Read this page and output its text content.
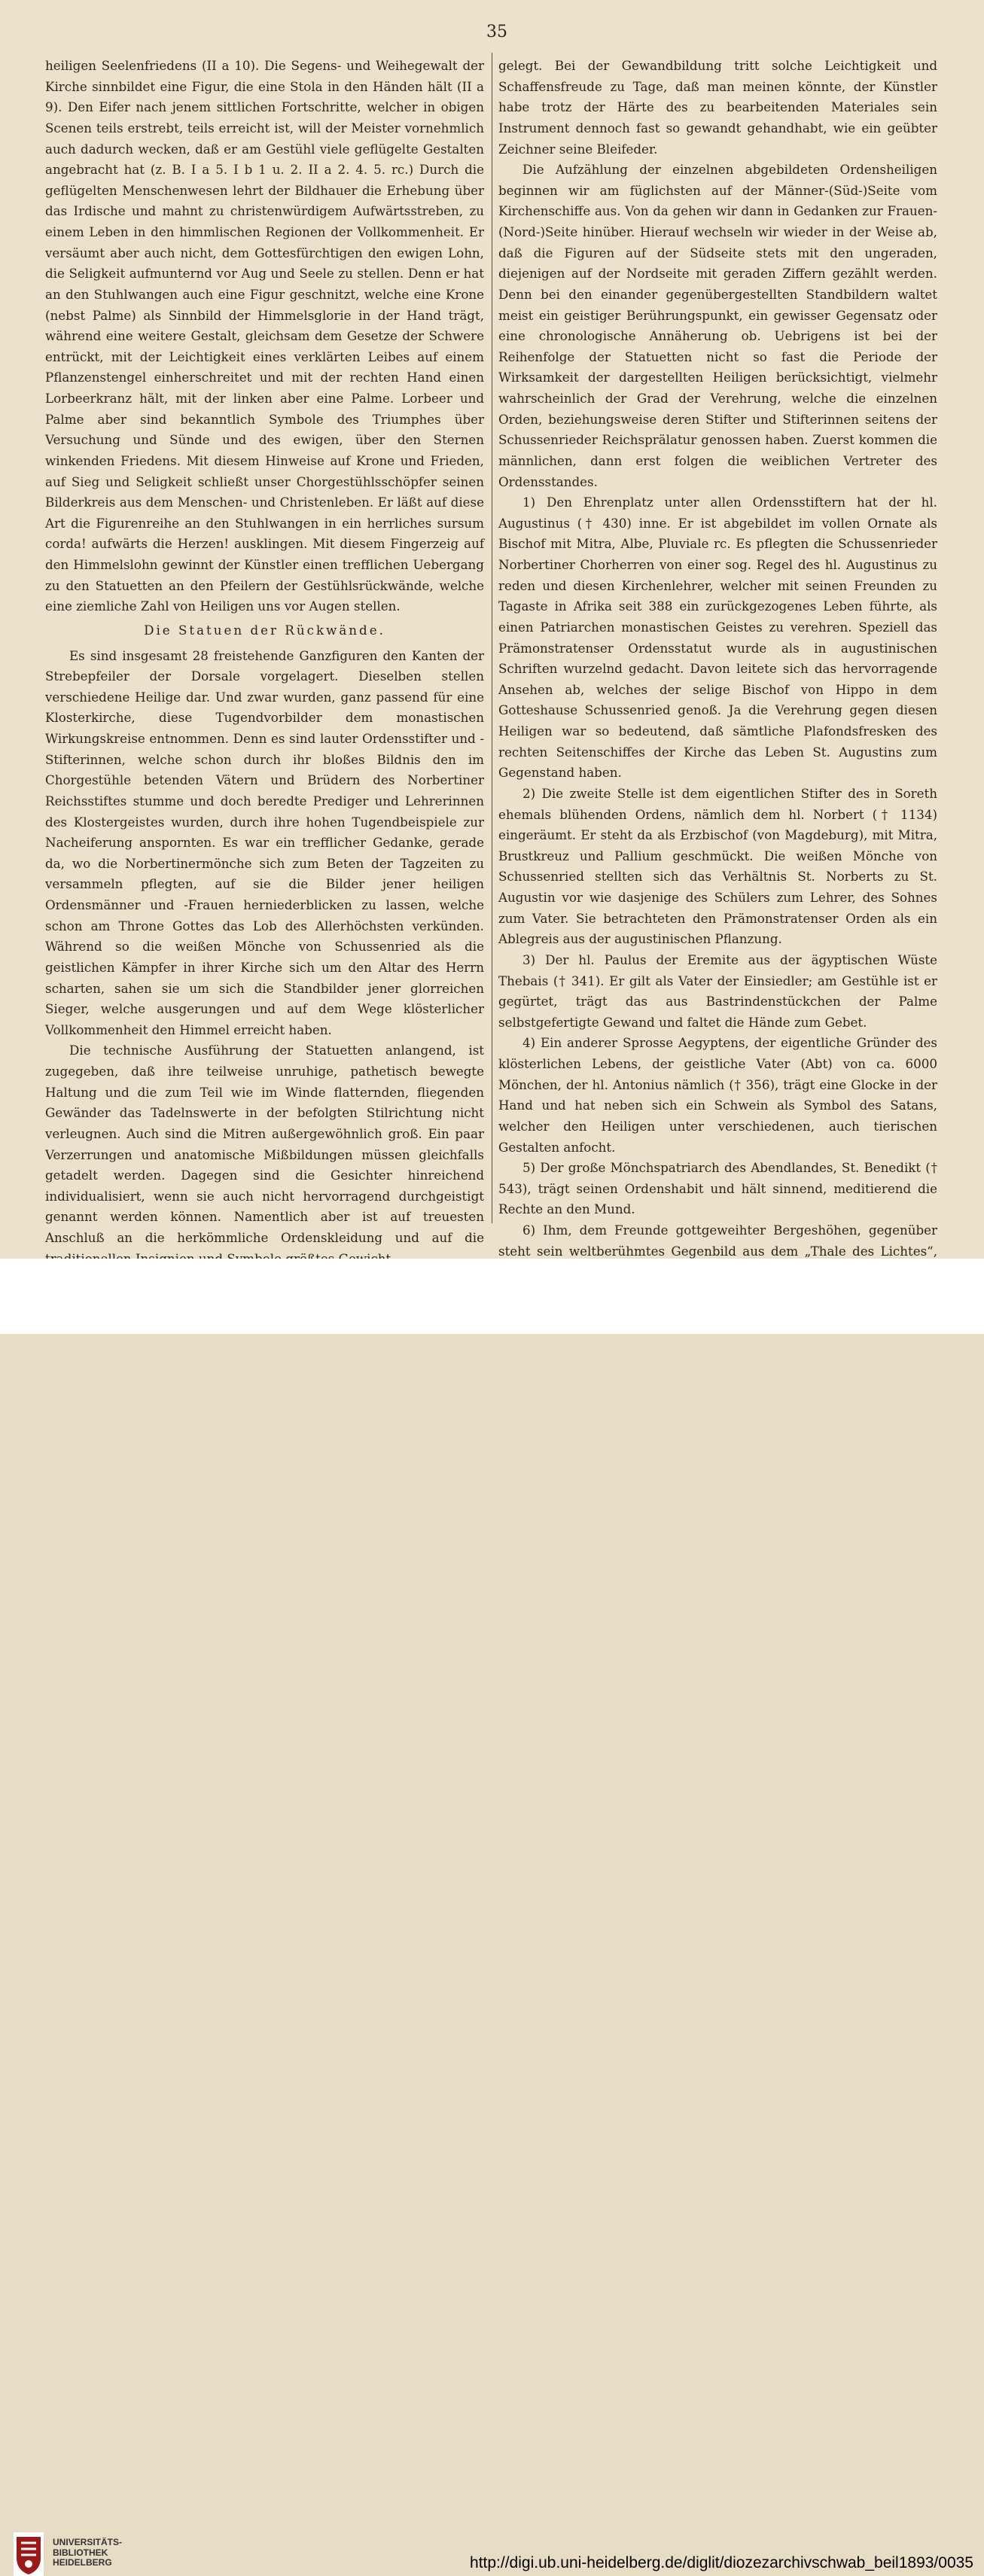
35

heiligen Seelenfriedens (II a 10). Die Segens- und Weihegewalt der Kirche sinnbildet eine Figur, die eine Stola in den Händen hält (II a 9). Den Eifer nach jenem sittlichen Fortschritte, welcher in obigen Scenen teils erstrebt, teils erreicht ist, will der Meister vornehmlich auch dadurch wecken, daß er am Gestühl viele geflügelte Gestalten angebracht hat (z. B. I a 5. I b 1 u. 2. II a 2. 4. 5. rc.) Durch die geflügelten Menschenwesen lehrt der Bildhauer die Erhebung über das Irdische und mahnt zu christenwürdigem Aufwärtsstreben, zu einem Leben in den himmlischen Regionen der Vollkommenheit. Er versäumt aber auch nicht, dem Gottesfürchtigen den ewigen Lohn, die Seligkeit aufmunternd vor Aug und Seele zu stellen. Denn er hat an den Stuhlwangen auch eine Figur geschnitzt, welche eine Krone (nebst Palme) als Sinnbild der Himmelsglorie in der Hand trägt, während eine weitere Gestalt, gleichsam dem Gesetze der Schwere entrückt, mit der Leichtigkeit eines verklärten Leibes auf einem Pflanzenstengel einherschreitet und mit der rechten Hand einen Lorbeerkranz hält, mit der linken aber eine Palme. Lorbeer und Palme aber sind bekanntlich Symbole des Triumphes über Versuchung und Sünde und des ewigen, über den Sternen winkenden Friedens. Mit diesem Hinweise auf Krone und Frieden, auf Sieg und Seligkeit schließt unser Chorgestühlsschöpfer seinen Bilderkreis aus dem Menschen- und Christenleben. Er läßt auf diese Art die Figurenreihe an den Stuhlwangen in ein herrliches sursum corda! aufwärts die Herzen! ausklingen. Mit diesem Fingerzeig auf den Himmelslohn gewinnt der Künstler einen trefflichen Uebergang zu den Statuetten an den Pfeilern der Gestühlsrückwände, welche eine ziemliche Zahl von Heiligen uns vor Augen stellen.

Die Statuen der Rückwände.

Es sind insgesamt 28 freistehende Ganzfiguren den Kanten der Strebepfeiler der Dorsale vorgelagert. Dieselben stellen verschiedene Heilige dar. Und zwar wurden, ganz passend für eine Klosterkirche, diese Tugendvorbilder dem monastischen Wirkungskreise entnommen. Denn es sind lauter Ordensstifter und -Stifterinnen, welche schon durch ihr bloßes Bildnis den im Chorgestühle betenden Vätern und Brüdern des Norbertiner Reichsstiftes stumme und doch beredte Prediger und Lehrerinnen des Klostergeistes wurden, durch ihre hohen Tugendbeispiele zur Nacheiferung anspornten. Es war ein trefflicher Gedanke, gerade da, wo die Norbertinermönche sich zum Beten der Tagzeiten zu versammeln pflegten, auf sie die Bilder jener heiligen Ordensmänner und -Frauen herniederblicken zu lassen, welche schon am Throne Gottes das Lob des Allerhöchsten verkünden. Während so die weißen Mönche von Schussenried als die geistlichen Kämpfer in ihrer Kirche sich um den Altar des Herrn scharten, sahen sie um sich die Standbilder jener glorreichen Sieger, welche ausgerungen und auf dem Wege klösterlicher Vollkommenheit den Himmel erreicht haben.

Die technische Ausführung der Statuetten anlangend, ist zugegeben, daß ihre teilweise unruhige, pathetisch bewegte Haltung und die zum Teil wie im Winde flatternden, fliegenden Gewänder das Tadelnswerte in der befolgten Stilrichtung nicht verleugnen. Auch sind die Mitren außergewöhnlich groß. Ein paar Verzerrungen und anatomische Mißbildungen müssen gleichfalls getadelt werden. Dagegen sind die Gesichter hinreichend individualisiert, wenn sie auch nicht hervorragend durchgeistigt genannt werden können. Namentlich aber ist auf treuesten Anschluß an die herkömmliche Ordenskleidung und auf die

gelegt. Bei der Gewandbildung tritt solche Leichtigkeit und Schaffensfreude zu Tage, daß man meinen könnte, der Künstler habe trotz der Härte des zu bearbeitenden Materiales sein Instrument dennoch fast so gewandt gehandhabt, wie ein geübter Zeichner seine Bleifeder.

Die Aufzählung der einzelnen abgebildeten Ordensheiligen beginnen wir am füglichsten auf der Männer-(Süd-)Seite vom Kirchenschiffe aus. Von da gehen wir dann in Gedanken zur Frauen-(Nord-)Seite hinüber. Hierauf wechseln wir wieder in der Weise ab, daß die Figuren auf der Südseite stets mit den ungeraden, diejenigen auf der Nordseite mit geraden Ziffern gezählt werden. Denn bei den einander gegenübergestellten Standbildern waltet meist ein geistiger Berührungspunkt, ein gewisser Gegensatz oder eine chronologische Annäherung ob. Uebrigens ist bei der Reihenfolge der Statuetten nicht so fast die Periode der Wirksamkeit der dargestellten Heiligen berücksichtigt, vielmehr wahrscheinlich der Grad der Verehrung, welche die einzelnen Orden, beziehungsweise deren Stifter und Stifterinnen seitens der Schussenrieder Reichsprälatur genossen haben. Zuerst kommen die männlichen, dann erst folgen die weiblichen Vertreter des Ordensstandes.

1) Den Ehrenplatz unter allen Ordensstiftern hat der hl. Augustinus († 430) inne. Er ist abgebildet im vollen Ornate als Bischof mit Mitra, Albe, Pluviale rc. Es pflegten die Schussenrieder Norbertiner Chorherren von einer sog. Regel des hl. Augustinus zu reden und diesen Kirchenlehrer, welcher mit seinen Freunden zu Tagaste in Afrika seit 388 ein zurückgezogenes Leben führte, als einen Patriarchen monastischen Geistes zu verehren. Speziell das Prämonstratenser Ordensstatut wurde als in augustinischen Schriften wurzelnd gedacht. Davon leitete sich das hervorragende Ansehen ab, welches der selige Bischof von Hippo in dem Gotteshause Schussenried genoß. Ja die Verehrung gegen diesen Heiligen war so bedeutend, daß sämtliche Plafondsfresken des rechten Seitenschiffes der Kirche das Leben St. Augustins zum Gegenstand haben.

2) Die zweite Stelle ist dem eigentlichen Stifter des in Soreth ehemals blühenden Ordens, nämlich dem hl. Norbert († 1134) eingeräumt. Er steht da als Erzbischof (von Magdeburg), mit Mitra, Brustkreuz und Pallium geschmückt. Die weißen Mönche von Schussenried stellten sich das Verhältnis St. Norberts zu St. Augustin vor wie dasjenige des Schülers zum Lehrer, des Sohnes zum Vater. Sie betrachteten den Prämonstratenser Orden als ein Ablegreis aus der augustinischen Pflanzung.

3) Der hl. Paulus der Eremite aus der ägyptischen Wüste Thebais († 341). Er gilt als Vater der Einsiedler; am Gestühle ist er gegürtet, trägt das aus Bastrindenstückchen der Palme selbstgefertigte Gewand und faltet die Hände zum Gebet.

4) Ein anderer Sprosse Aegyptens, der eigentliche Gründer des klösterlichen Lebens, der geistliche Vater (Abt) von ca. 6000 Mönchen, der hl. Antonius nämlich († 356), trägt eine Glocke in der Hand und hat neben sich ein Schwein als Symbol des Satans, welcher den Heiligen unter verschiedenen, auch tierischen Gestalten anfocht.

5) Der große Mönchspatriarch des Abendlandes, St. Benedikt († 543), trägt seinen Ordenshabit und hält sinnend, meditierend die Rechte an den Mund.

6) Ihm, dem Freunde gottgeweihter Bergeshöhen, gegenüber steht sein weltberühmtes Gegenbild aus dem „Thale des Lichtes“,

UNIVERSITÄTS-
BIBLIOTHEK
HEIDELBERG	http://digi.ub.uni-heidelberg.de/diglit/diozezarchivschwab_beil1893/0035
